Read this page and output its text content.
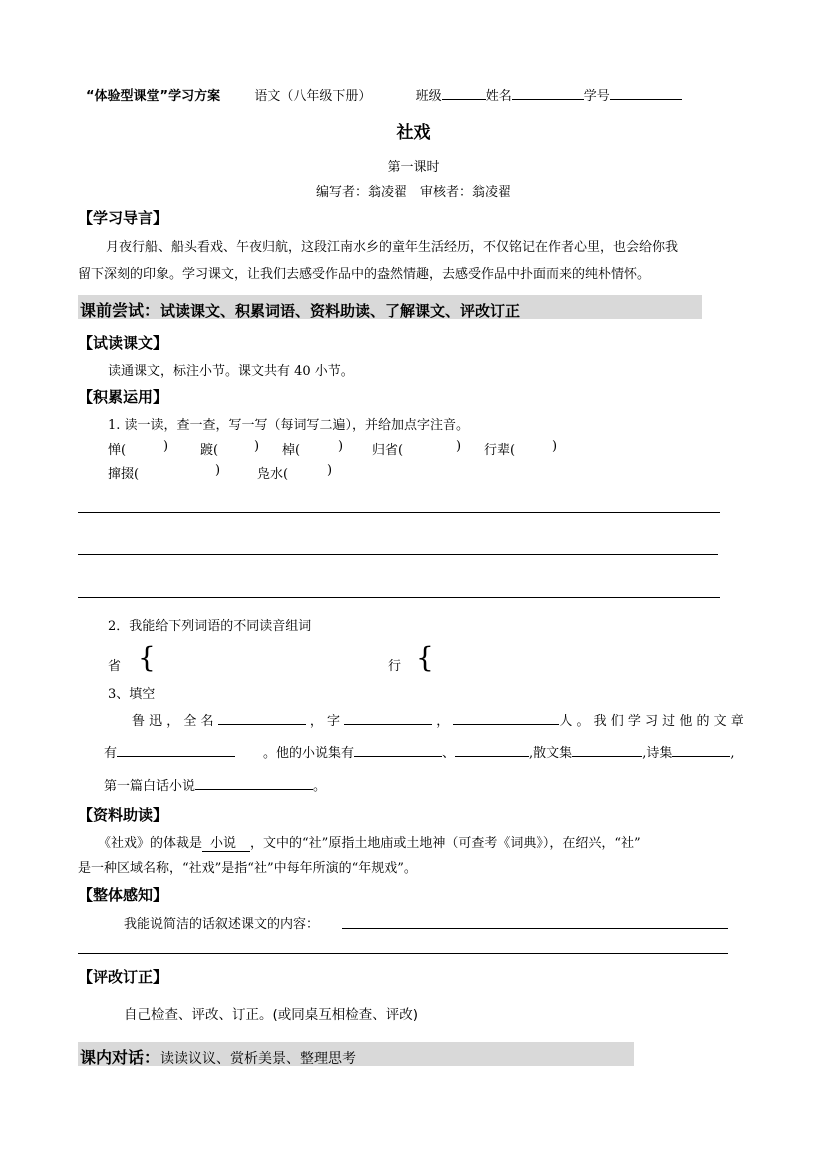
“体验型课堂”学习方案	语文（八年级下册）	班级	姓名	学号
社戏
第一课时
编写者：翁凌翟　审核者：翁凌翟
【学习导言】
月夜行船、船头看戏、午夜归航，这段江南水乡的童年生活经历，不仅铭记在作者心里，也会给你我
留下深刻的印象。学习课文，让我们去感受作品中的盎然情趣，去感受作品中扑面而来的纯朴情怀。
课前尝试：试读课文、积累词语、资料助读、了解课文、评改订正
【试读课文】
读通课文，标注小节。课文共有 40 小节。
【积累运用】
1. 读一读，查一查，写一写（每词写二遍），并给加点字注音。
惮(	) 踱(	) 棹(	) 归省(	) 行辈(	)
撺掇(	)	凫水(	)
2．我能给下列词语的不同读音组词
省 {	行 {
3、填空
鲁 迅 ， 全 名	， 字	，	人 。 我 们 学 习 过 他 的 文 章
有	。他的小说集有	、	,散文集	,诗集	,
第一篇白话小说	。
【资料助读】
《社戏》的体裁是 小说 ，文中的“社”原指土地庙或土地神（可查考《词典》），在绍兴，“社”
是一种区域名称，“社戏”是指“社”中每年所演的“年规戏”。
【整体感知】
我能说简洁的话叙述课文的内容：
【评改订正】
自己检查、评改、订正。(或同桌互相检查、评改)
课内对话：读读议议、赏析美景、整理思考
